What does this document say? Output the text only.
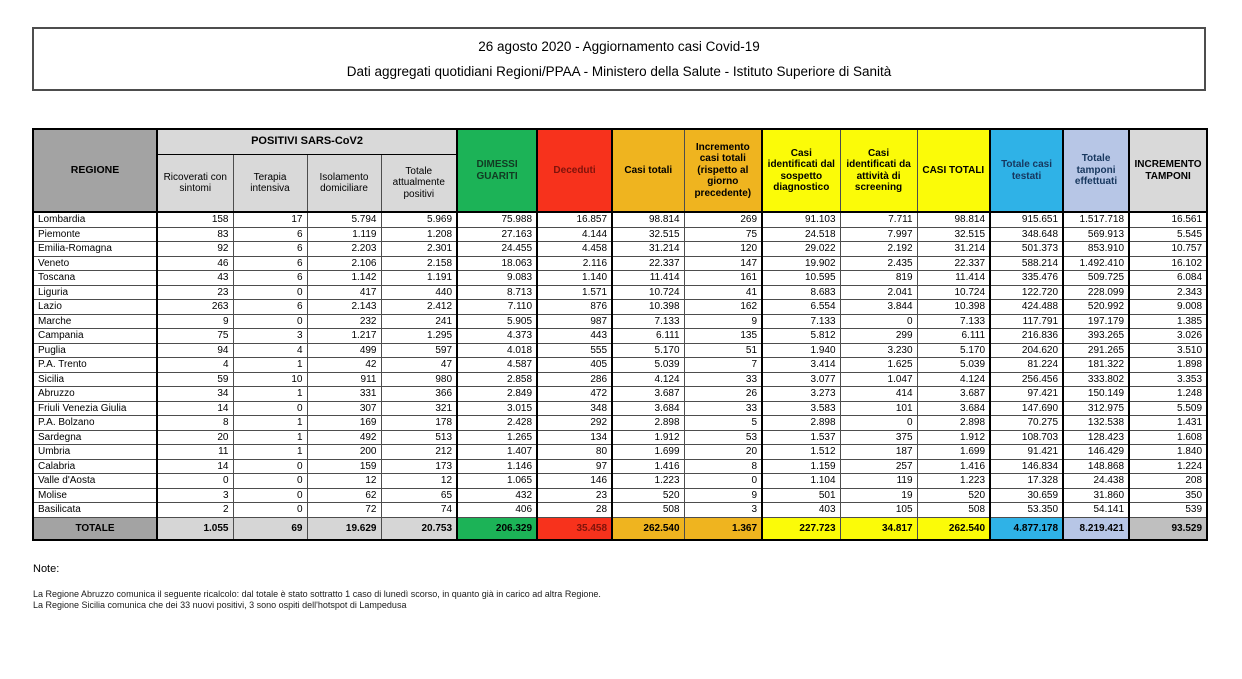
26 agosto 2020 - Aggiornamento casi Covid-19
Dati aggregati quotidiani Regioni/PPAA - Ministero della Salute - Istituto Superiore di Sanità
REGIONE	POSITIVI SARS-CoV2				DIMESSI GUARITI	Deceduti	Casi totali	Incremento casi totali (rispetto al giorno precedente)	Casi identificati dal sospetto diagnostico	Casi identificati da attività di screening	CASI TOTALI	Totale casi testati	Totale tamponi effettuati	INCREMENTO TAMPONI
	Ricoverati con sintomi	Terapia intensiva	Isolamento domiciliare	Totale attualmente positivi										
Lombardia	158	17	5.794	5.969	75.988	16.857	98.814	269	91.103	7.711	98.814	915.651	1.517.718	16.561
Piemonte	83	6	1.119	1.208	27.163	4.144	32.515	75	24.518	7.997	32.515	348.648	569.913	5.545
Emilia-Romagna	92	6	2.203	2.301	24.455	4.458	31.214	120	29.022	2.192	31.214	501.373	853.910	10.757
Veneto	46	6	2.106	2.158	18.063	2.116	22.337	147	19.902	2.435	22.337	588.214	1.492.410	16.102
Toscana	43	6	1.142	1.191	9.083	1.140	11.414	161	10.595	819	11.414	335.476	509.725	6.084
Liguria	23	0	417	440	8.713	1.571	10.724	41	8.683	2.041	10.724	122.720	228.099	2.343
Lazio	263	6	2.143	2.412	7.110	876	10.398	162	6.554	3.844	10.398	424.488	520.992	9.008
Marche	9	0	232	241	5.905	987	7.133	9	7.133	0	7.133	117.791	197.179	1.385
Campania	75	3	1.217	1.295	4.373	443	6.111	135	5.812	299	6.111	216.836	393.265	3.026
Puglia	94	4	499	597	4.018	555	5.170	51	1.940	3.230	5.170	204.620	291.265	3.510
P.A. Trento	4	1	42	47	4.587	405	5.039	7	3.414	1.625	5.039	81.224	181.322	1.898
Sicilia	59	10	911	980	2.858	286	4.124	33	3.077	1.047	4.124	256.456	333.802	3.353
Abruzzo	34	1	331	366	2.849	472	3.687	26	3.273	414	3.687	97.421	150.149	1.248
Friuli Venezia Giulia	14	0	307	321	3.015	348	3.684	33	3.583	101	3.684	147.690	312.975	5.509
P.A. Bolzano	8	1	169	178	2.428	292	2.898	5	2.898	0	2.898	70.275	132.538	1.431
Sardegna	20	1	492	513	1.265	134	1.912	53	1.537	375	1.912	108.703	128.423	1.608
Umbria	11	1	200	212	1.407	80	1.699	20	1.512	187	1.699	91.421	146.429	1.840
Calabria	14	0	159	173	1.146	97	1.416	8	1.159	257	1.416	146.834	148.868	1.224
Valle d'Aosta	0	0	12	12	1.065	146	1.223	0	1.104	119	1.223	17.328	24.438	208
Molise	3	0	62	65	432	23	520	9	501	19	520	30.659	31.860	350
Basilicata	2	0	72	74	406	28	508	3	403	105	508	53.350	54.141	539
TOTALE	1.055	69	19.629	20.753	206.329	35.458	262.540	1.367	227.723	34.817	262.540	4.877.178	8.219.421	93.529
Note:
La Regione Abruzzo comunica il seguente ricalcolo: dal totale è stato sottratto 1 caso di lunedì scorso, in quanto già in carico ad altra Regione.
La Regione Sicilia comunica che dei 33 nuovi positivi, 3 sono ospiti dell'hotspot di Lampedusa
